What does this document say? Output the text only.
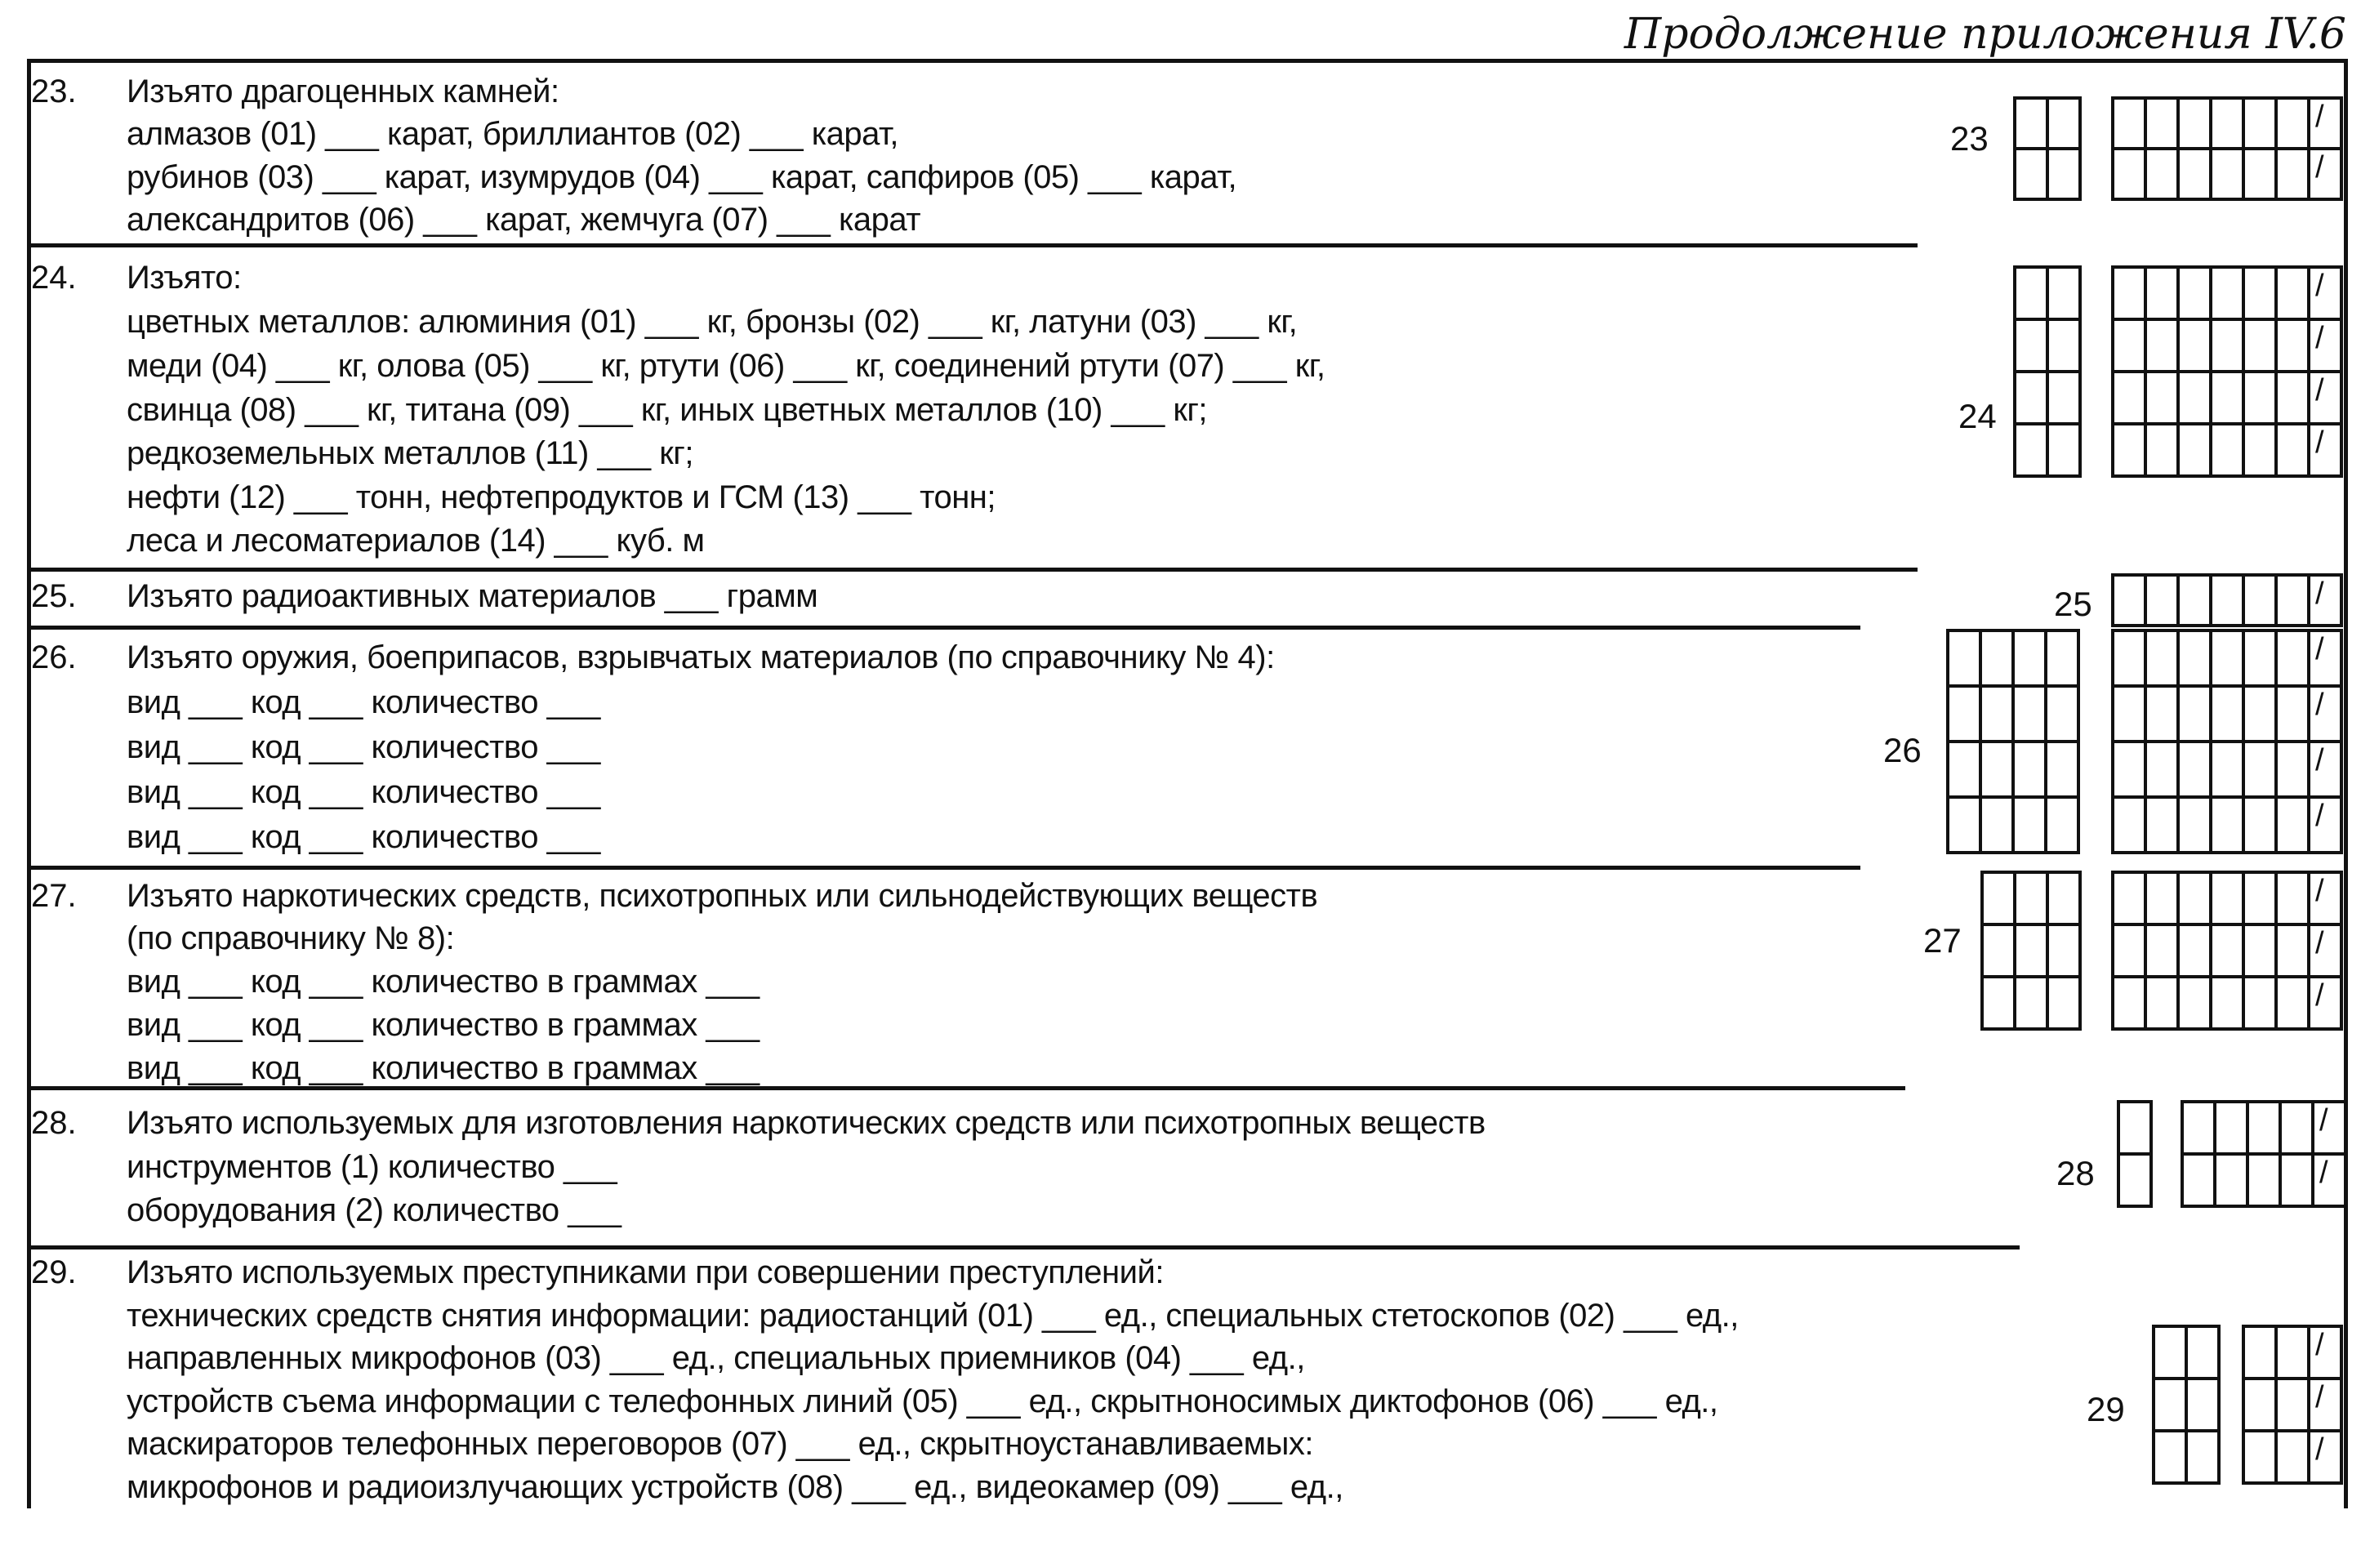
Продолжение приложения IV.6
23. Изъято драгоценных камней:
алмазов (01) ___ карат, бриллиантов (02) ___ карат,
рубинов (03) ___ карат, изумрудов (04) ___ карат, сапфиров (05) ___ карат,
александритов (06) ___ карат, жемчуга (07) ___ карат
23
/
/
24. Изъято:
цветных металлов: алюминия (01) ___ кг, бронзы (02) ___ кг, латуни (03) ___ кг,
меди (04) ___ кг, олова (05) ___ кг, ртути (06) ___ кг, соединений ртути (07) ___ кг,
свинца (08) ___ кг, титана (09) ___ кг, иных цветных металлов (10) ___ кг;
редкоземельных металлов (11) ___ кг;
нефти (12) ___ тонн, нефтепродуктов и ГСМ (13) ___ тонн;
леса и лесоматериалов (14) ___ куб. м
24
/
/
/
/
25. Изъято радиоактивных материалов ___ грамм	25
/
26. Изъято оружия, боеприпасов, взрывчатых материалов (по справочнику № 4):
вид ___ код ___ количество ___
вид ___ код ___ количество ___
вид ___ код ___ количество ___
вид ___ код ___ количество ___
26
/
/
/
/
27. Изъято наркотических средств, психотропных или сильнодействующих веществ
(по справочнику № 8):
вид ___ код ___ количество в граммах ___
вид ___ код ___ количество в граммах ___
вид ___ код ___ количество в граммах ___
27
/
/
/
28. Изъято используемых для изготовления наркотических средств или психотропных веществ
инструментов (1) количество ___
оборудования (2) количество ___
28
/
/
29. Изъято используемых преступниками при совершении преступлений:
технических средств снятия информации: радиостанций (01) ___ ед., специальных стетоскопов (02) ___ ед.,
направленных микрофонов (03) ___ ед., специальных приемников (04) ___ ед.,
устройств съема информации с телефонных линий (05) ___ ед., скрытноносимых диктофонов (06) ___ ед.,
маскираторов телефонных переговоров (07) ___ ед., скрытноустанавливаемых:
микрофонов и радиоизлучающих устройств (08) ___ ед., видеокамер (09) ___ ед.,
29
/
/
/
